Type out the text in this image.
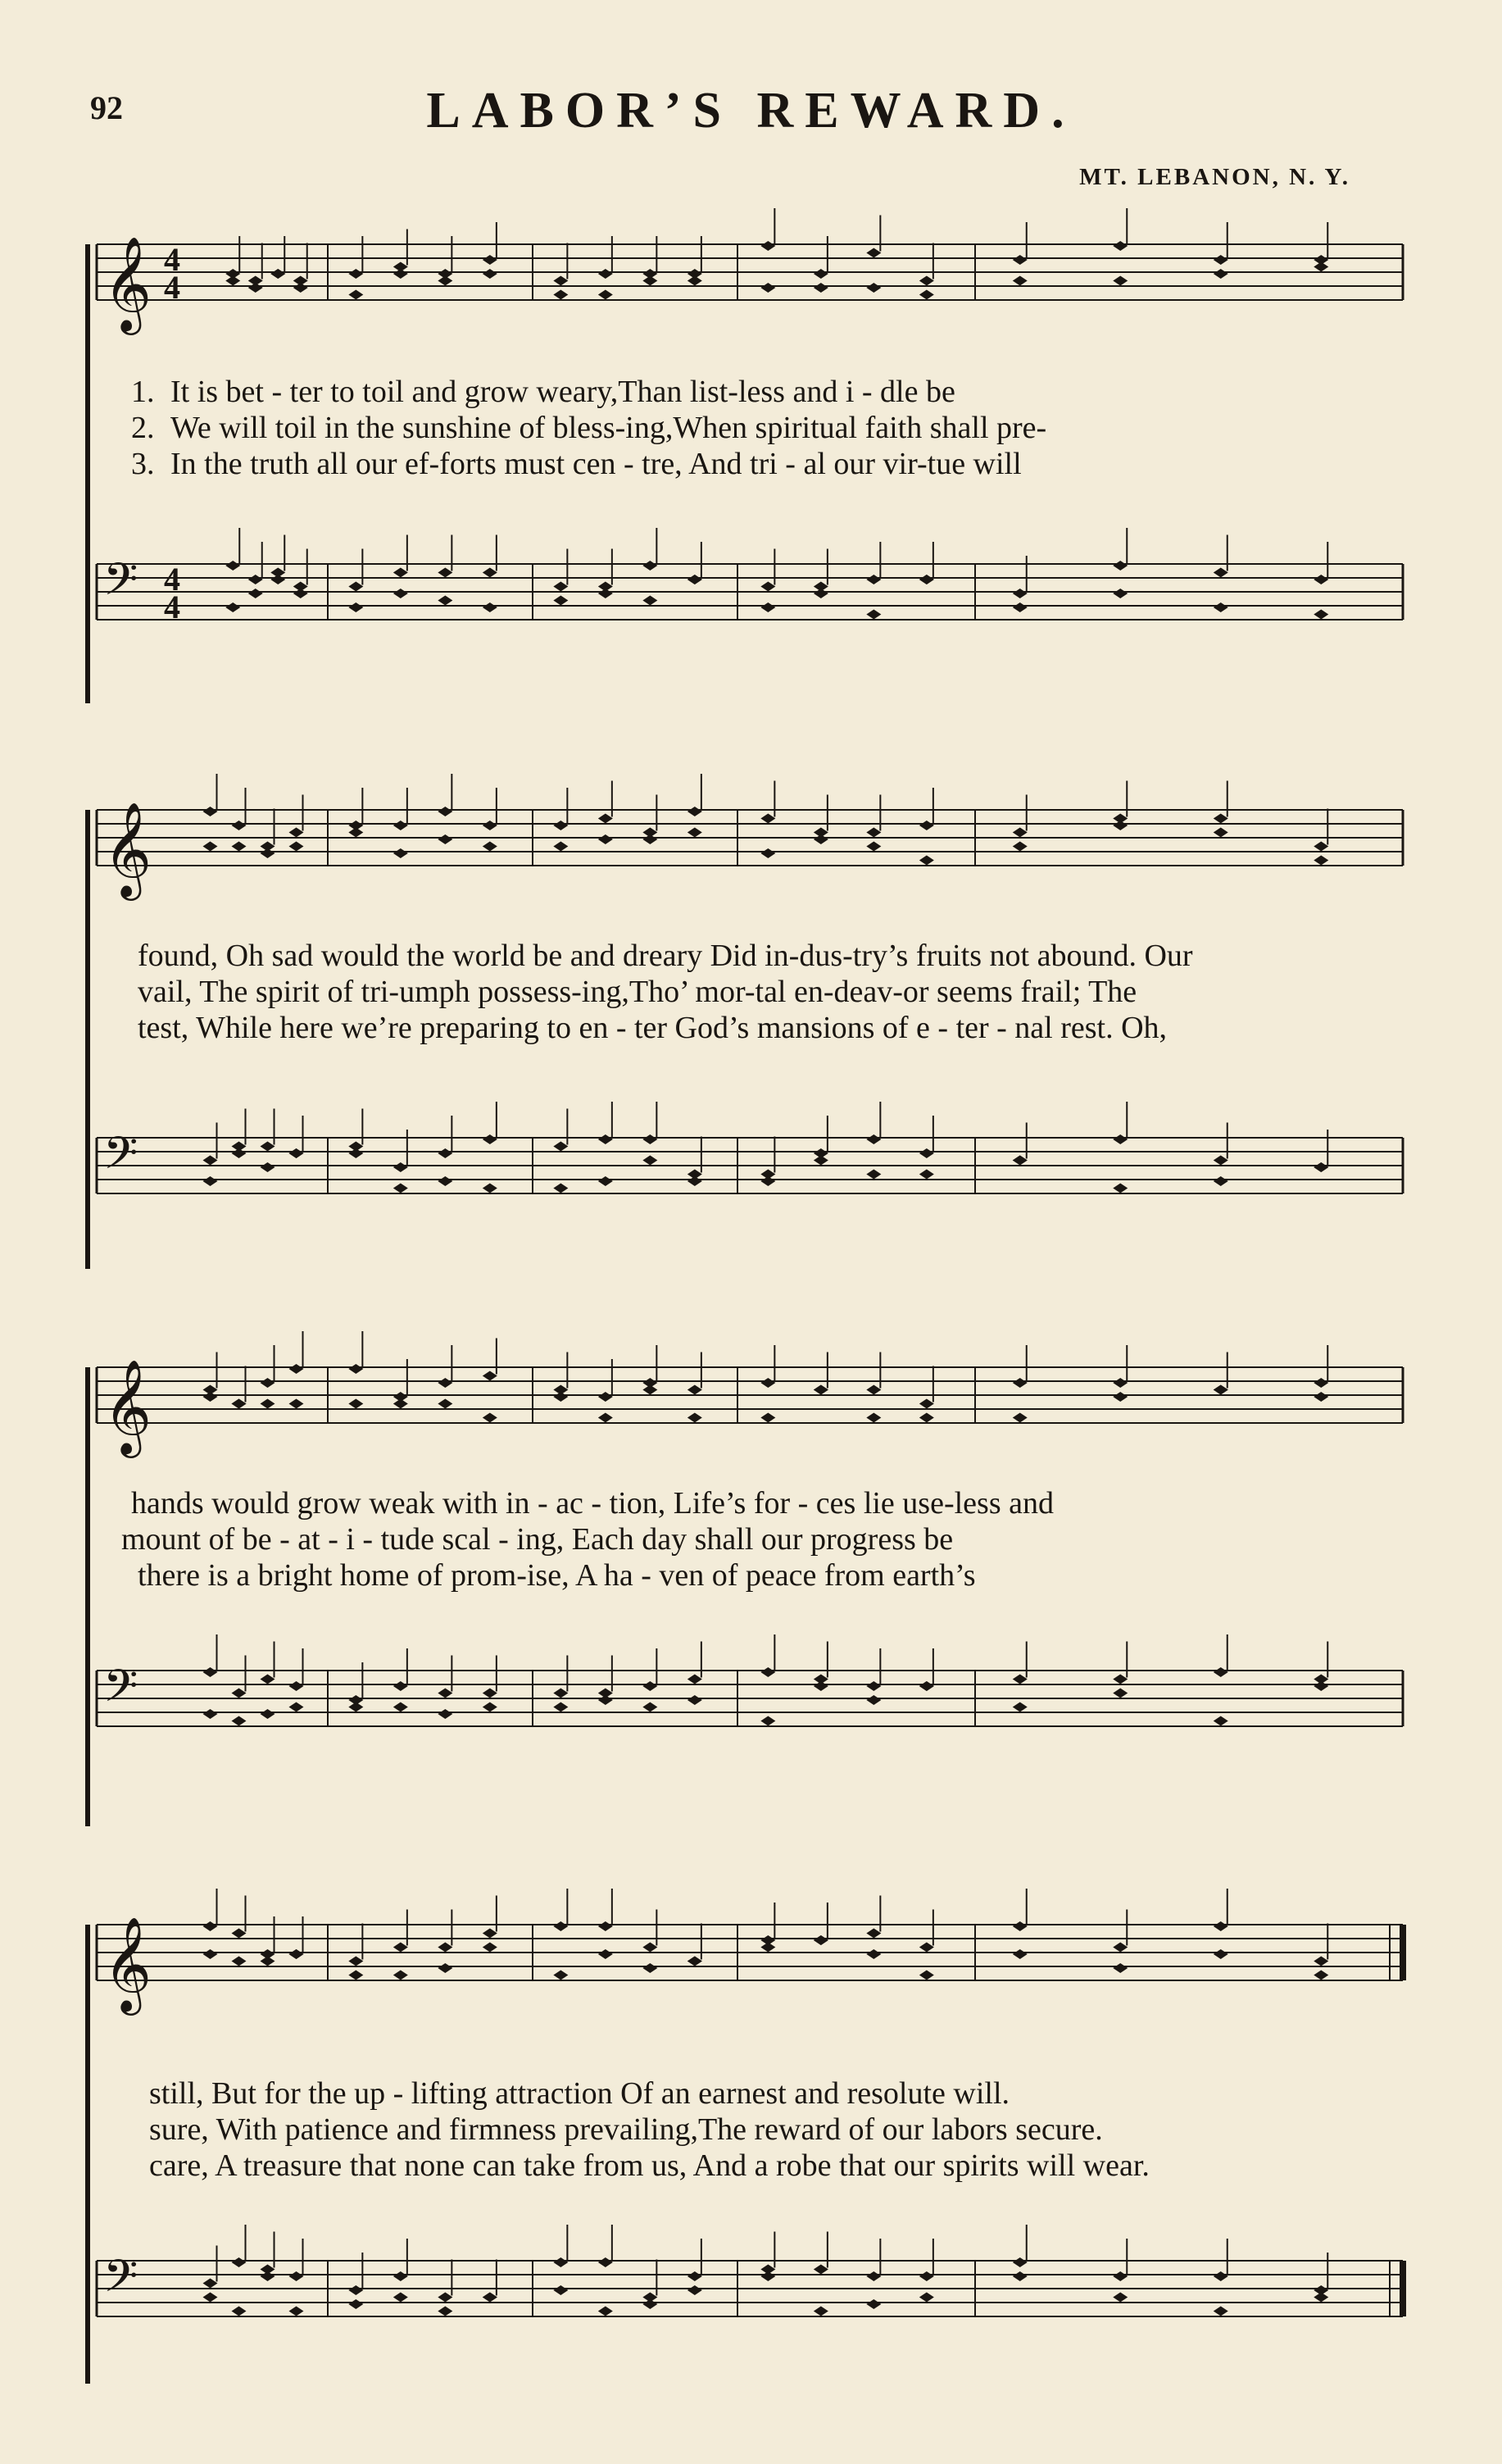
92	LABOR’S REWARD.
MT. LEBANON, N. Y.
𝄞 4
4
1. It is bet - ter to toil and grow weary,Than list-less and i - dle be
2. We will toil in the sunshine of bless-ing,When spiritual faith shall pre-
3. In the truth all our ef-forts must cen - tre, And tri - al our vir-tue will
𝄢 4
4
𝄞
found, Oh sad would the world be and dreary Did in-dus-try’s fruits not abound. Our
vail, The spirit of tri-umph possess-ing,Tho’ mor-tal en-deav-or seems frail; The
test, While here we’re preparing to en - ter God’s mansions of e - ter - nal rest. Oh,
𝄢
𝄞
hands would grow weak with in - ac - tion, Life’s for - ces lie use-less and
mount of be - at - i - tude scal - ing, Each day shall our progress be
there is a bright home of prom-ise, A ha - ven of peace from earth’s
𝄢
𝄞
still, But for the up - lifting attraction Of an earnest and resolute will.
sure, With patience and firmness prevailing,The reward of our labors secure.
care, A treasure that none can take from us, And a robe that our spirits will wear.
𝄢
